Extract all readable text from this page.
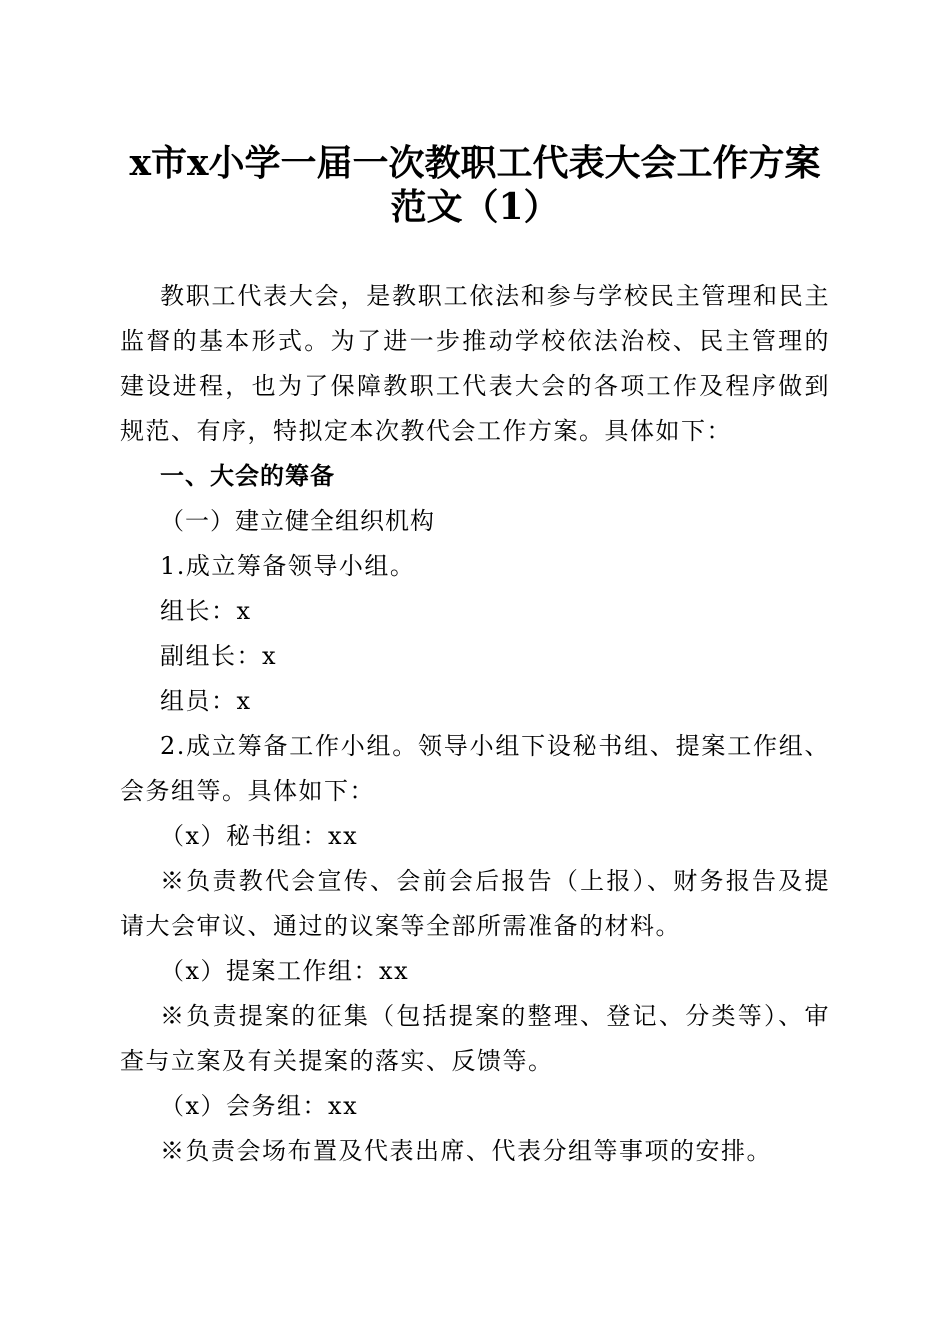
x市x小学一届一次教职工代表大会工作方案
范文（1）

教职工代表大会，是教职工依法和参与学校民主管理和民主监督的基本形式。为了进一步推动学校依法治校、民主管理的建设进程，也为了保障教职工代表大会的各项工作及程序做到规范、有序，特拟定本次教代会工作方案。具体如下：

一、大会的筹备

（一）建立健全组织机构

1.成立筹备领导小组。

组长：x

副组长：x

组员：x

2.成立筹备工作小组。领导小组下设秘书组、提案工作组、会务组等。具体如下：

（x）秘书组：xx

※负责教代会宣传、会前会后报告（上报）、财务报告及提请大会审议、通过的议案等全部所需准备的材料。

（x）提案工作组：xx

※负责提案的征集（包括提案的整理、登记、分类等）、审查与立案及有关提案的落实、反馈等。

（x）会务组：xx

※负责会场布置及代表出席、代表分组等事项的安排。
